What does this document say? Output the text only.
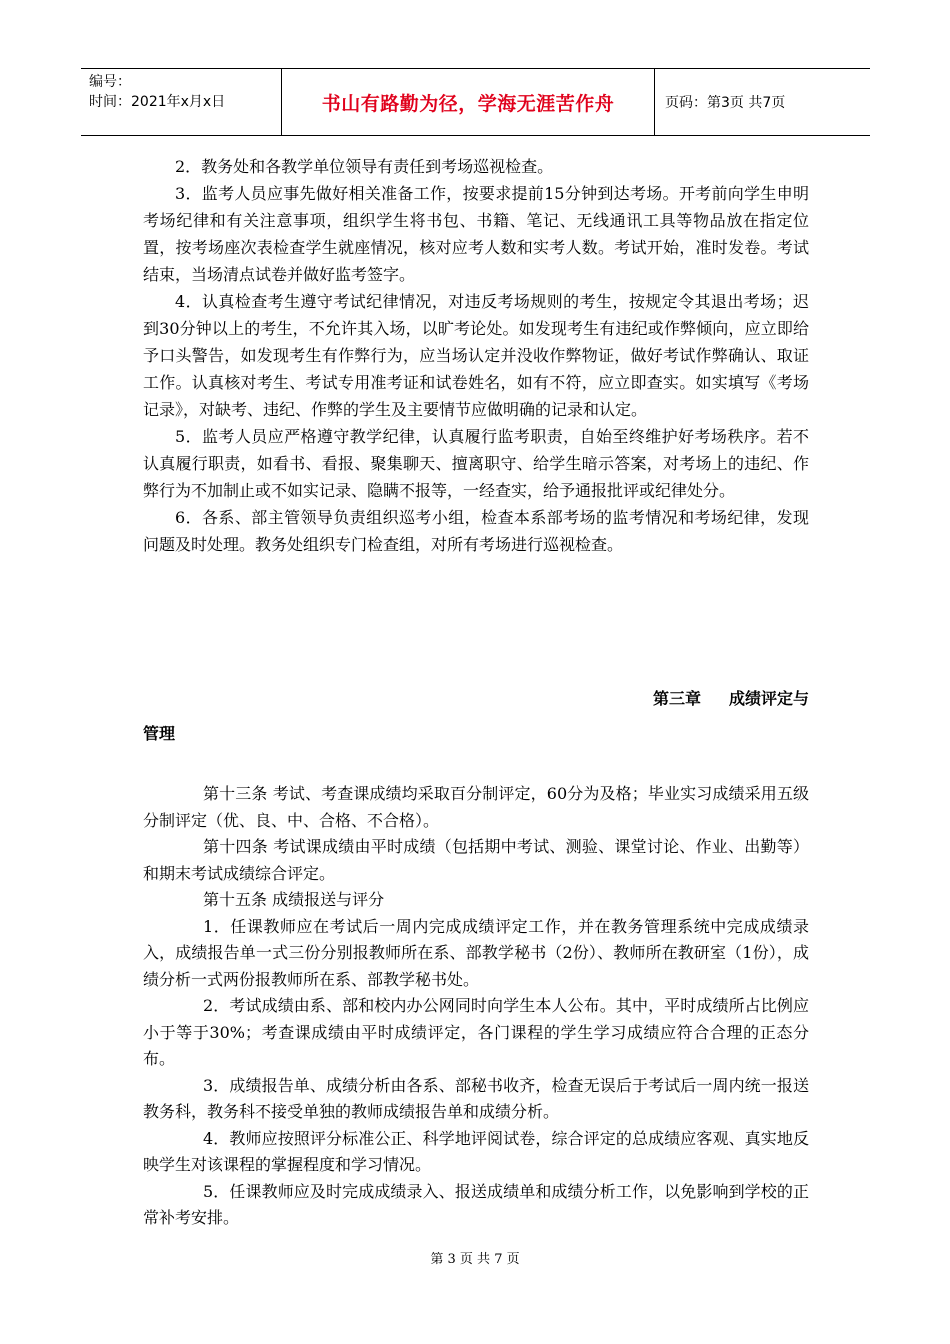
编号：
时间：2021年x月x日	书山有路勤为径，学海无涯苦作舟	页码：第3页 共7页

2．教务处和各教学单位领导有责任到考场巡视检查。

3．监考人员应事先做好相关准备工作，按要求提前15分钟到达考场。开考前向学生申明考场纪律和有关注意事项，组织学生将书包、书籍、笔记、无线通讯工具等物品放在指定位置，按考场座次表检查学生就座情况，核对应考人数和实考人数。考试开始，准时发卷。考试结束，当场清点试卷并做好监考签字。

4．认真检查考生遵守考试纪律情况，对违反考场规则的考生，按规定令其退出考场；迟到30分钟以上的考生，不允许其入场，以旷考论处。如发现考生有违纪或作弊倾向，应立即给予口头警告，如发现考生有作弊行为，应当场认定并没收作弊物证，做好考试作弊确认、取证工作。认真核对考生、考试专用准考证和试卷姓名，如有不符，应立即查实。如实填写《考场记录》，对缺考、违纪、作弊的学生及主要情节应做明确的记录和认定。

5．监考人员应严格遵守教学纪律，认真履行监考职责，自始至终维护好考场秩序。若不认真履行职责，如看书、看报、聚集聊天、擅离职守、给学生暗示答案，对考场上的违纪、作弊行为不加制止或不如实记录、隐瞒不报等，一经查实，给予通报批评或纪律处分。

6．各系、部主管领导负责组织巡考小组，检查本系部考场的监考情况和考场纪律，发现问题及时处理。教务处组织专门检查组，对所有考场进行巡视检查。

第三章 成绩评定与
管理

第十三条 考试、考查课成绩均采取百分制评定，60分为及格；毕业实习成绩采用五级分制评定（优、良、中、合格、不合格）。

第十四条 考试课成绩由平时成绩（包括期中考试、测验、课堂讨论、作业、出勤等）和期末考试成绩综合评定。

第十五条 成绩报送与评分

1．任课教师应在考试后一周内完成成绩评定工作，并在教务管理系统中完成成绩录入，成绩报告单一式三份分别报教师所在系、部教学秘书（2份）、教师所在教研室（1份），成绩分析一式两份报教师所在系、部教学秘书处。

2．考试成绩由系、部和校内办公网同时向学生本人公布。其中，平时成绩所占比例应小于等于30%；考查课成绩由平时成绩评定，各门课程的学生学习成绩应符合合理的正态分布。

3．成绩报告单、成绩分析由各系、部秘书收齐，检查无误后于考试后一周内统一报送教务科，教务科不接受单独的教师成绩报告单和成绩分析。

4．教师应按照评分标准公正、科学地评阅试卷，综合评定的总成绩应客观、真实地反映学生对该课程的掌握程度和学习情况。

5．任课教师应及时完成成绩录入、报送成绩单和成绩分析工作，以免影响到学校的正常补考安排。

第 3 页 共 7 页
